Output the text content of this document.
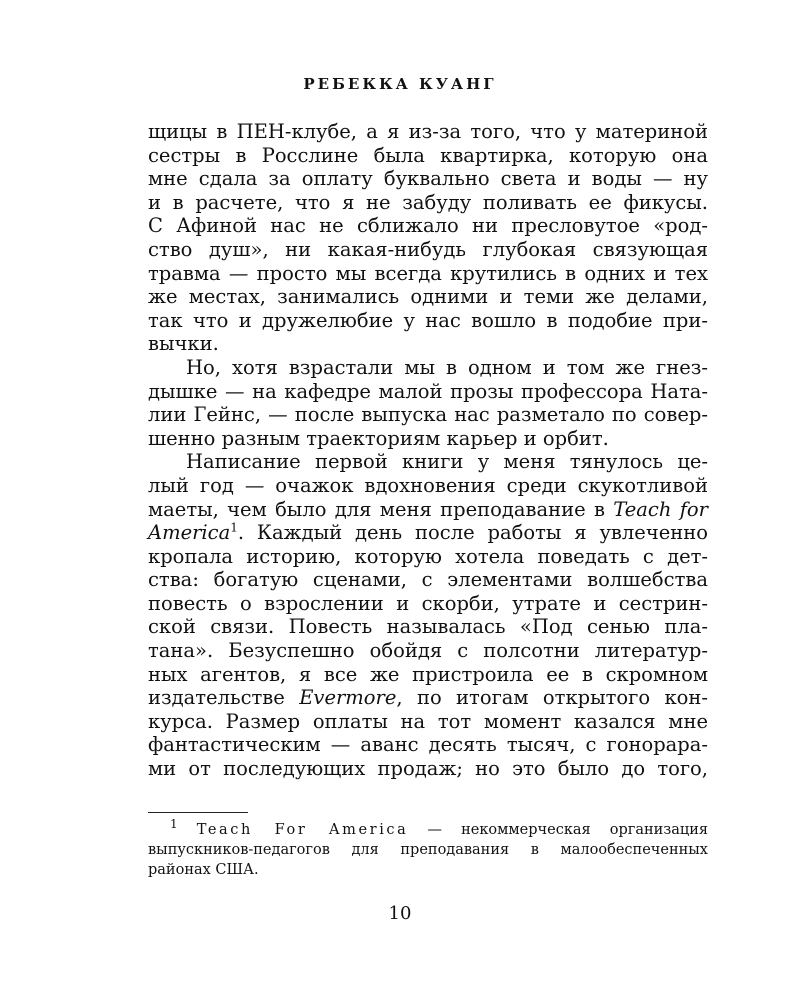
РЕБЕККА КУАНГ
щицы в ПЕН-клубе, а я из-за того, что у материной
сестры в Росслине была квартирка, которую она
мне сдала за оплату буквально света и воды — ну
и в расчете, что я не забуду поливать ее фикусы.
С Афиной нас не сближало ни пресловутое «род-
ство душ», ни какая-нибудь глубокая связующая
травма — просто мы всегда крутились в одних и тех
же местах, занимались одними и теми же делами,
так что и дружелюбие у нас вошло в подобие при-
вычки.
Но, хотя взрастали мы в одном и том же гнез-
дышке — на кафедре малой прозы профессора Ната-
лии Гейнс, — после выпуска нас разметало по совер-
шенно разным траекториям карьер и орбит.
Написание первой книги у меня тянулось це-
лый год — очажок вдохновения среди скукотливой
маеты, чем было для меня преподавание в Teach for
America$^1$. Каждый день после работы я увлеченно
кропала историю, которую хотела поведать с дет-
ства: богатую сценами, с элементами волшебства
повесть о взрослении и скорби, утрате и сестрин-
ской связи. Повесть называлась «Под сенью пла-
тана». Безуспешно обойдя с полсотни литератур-
ных агентов, я все же пристроила ее в скромном
издательстве Evermore, по итогам открытого кон-
курса. Размер оплаты на тот момент казался мне
фантастическим — аванс десять тысяч, с гонорара-
ми от последующих продаж; но это было до того,
$^1$ Teach For America — некоммерческая организация
выпускников-педагогов для преподавания в малообеспеченных
районах США.
10
